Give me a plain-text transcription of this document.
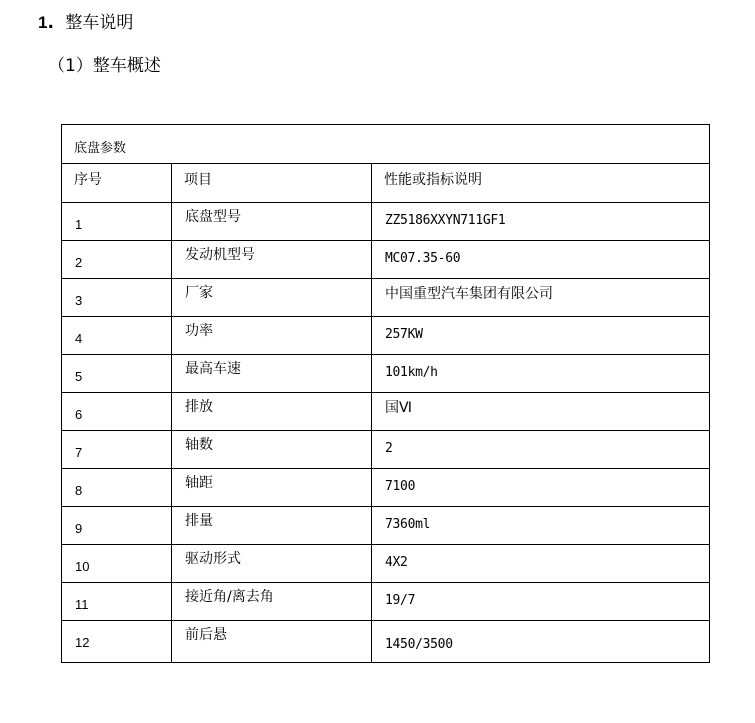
1. 整车说明
（1）整车概述
底盘参数		

序号	项目	性能或指标说明

1	底盘型号	ZZ5186XXYN711GF1

2	发动机型号	MC07.35-60

3	厂家	中国重型汽车集团有限公司

4	功率	257KW

5	最高车速	101km/h

6	排放	国Ⅵ

7	轴数	2

8	轴距	7100

9	排量	7360ml

10	驱动形式	4X2

11	接近角/离去角	19/7

12	前后悬	1450/3500
